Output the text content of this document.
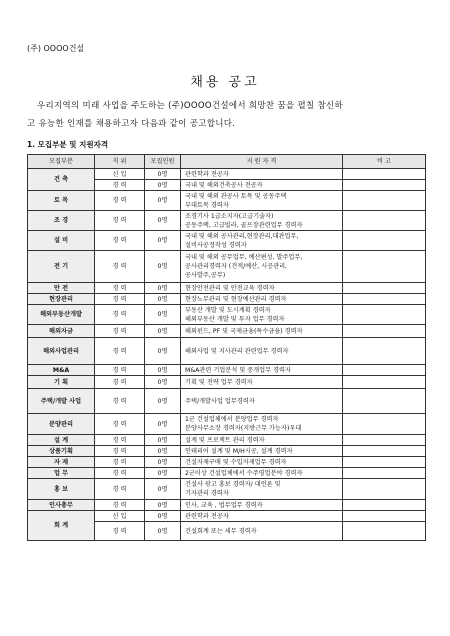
(주) OOOO건설
채용 공고

우리지역의 미래 사업을 주도하는 (주)OOOO건설에서 희망찬 꿈을 펼칠 참신하

고 유능한 인재를 채용하고자 다음과 같이 공고합니다.

1. 모집부분 및 지원자격
모집부분	직 위	모집인원	지 원 자 격	비 고
건 축	신 입	0명	관련학과 전공자	

	경 력	0명	국내 및 해외건축공사 전공자	

토 목	경 력	0명	국내 및 해외 관공사 토목 및 공동주택
부대토목 경력자	

조 경	경 력	0명	조경기사 1급소지자(고급기술자)
공동주택, 고급빌라, 골프장관련업무 경력자	

설 비	경 력	0명	국내 및 해외 공사관리,현장관리,대관업무,
설비사공정작성 경력자	

전 기	경 력	0명	국내 및 해외 공무업무, 예산편성, 발주업무,
공사관리경력자 (견적/예산, 시공관리,
공사발주,공무)	

안 전	경 력	0명	현장안전관리 및 안전교육 경력자	

현장관리	경 력	0명	현장노무관리 및 현장예산관리 경력자	

해외부동산개발	경 력	0명	부동산 개발 및 도시계획 경력자
해외부동산 개발 및 투자 업무 경력자	

해외자금	경 력	0명	해외펀드, PF 및 국제금융(특수금융) 경력자	

해외사업관리	경 력	0명	해외사업 및 지사관리 관련업무 경력자	

M&A	경 력	0명	M&A관련 기업분석 및 중개업무 경력자	

기 획	경 력	0명	기획 및 전략 업무 경력자	

주택/개발 사업	경 력	0명	주택/개발사업 업무경력자	

분양관리	경 력	0명	1군 건설업체에서 분양업무 경력자
분양사무소장 경력자(지방근무 가능자)우대	

설 계	경 력	0명	설계 및 프로젝트 관리 경력자	

상품기획	경 력	0명	인테리어 설계 및 M/H시공, 설계 경력자	

자 재	경 력	0명	건설자재구매 및 수입자재업무 경력자	

업 무	경 력	0명	2군이상 건설업체에서 수주영업분야 경력자	

홍 보	경 력	0명	건설사 광고 홍보 경력자/ 대언론 및
기자관리 경력자	

인사총무	경 력	0명	인사, 교육 , 법무업무 경력자	

회 계	신 입	0명	관련학과 전공자	

	경 력	0명	건설회계 또는 세무 경력자	
